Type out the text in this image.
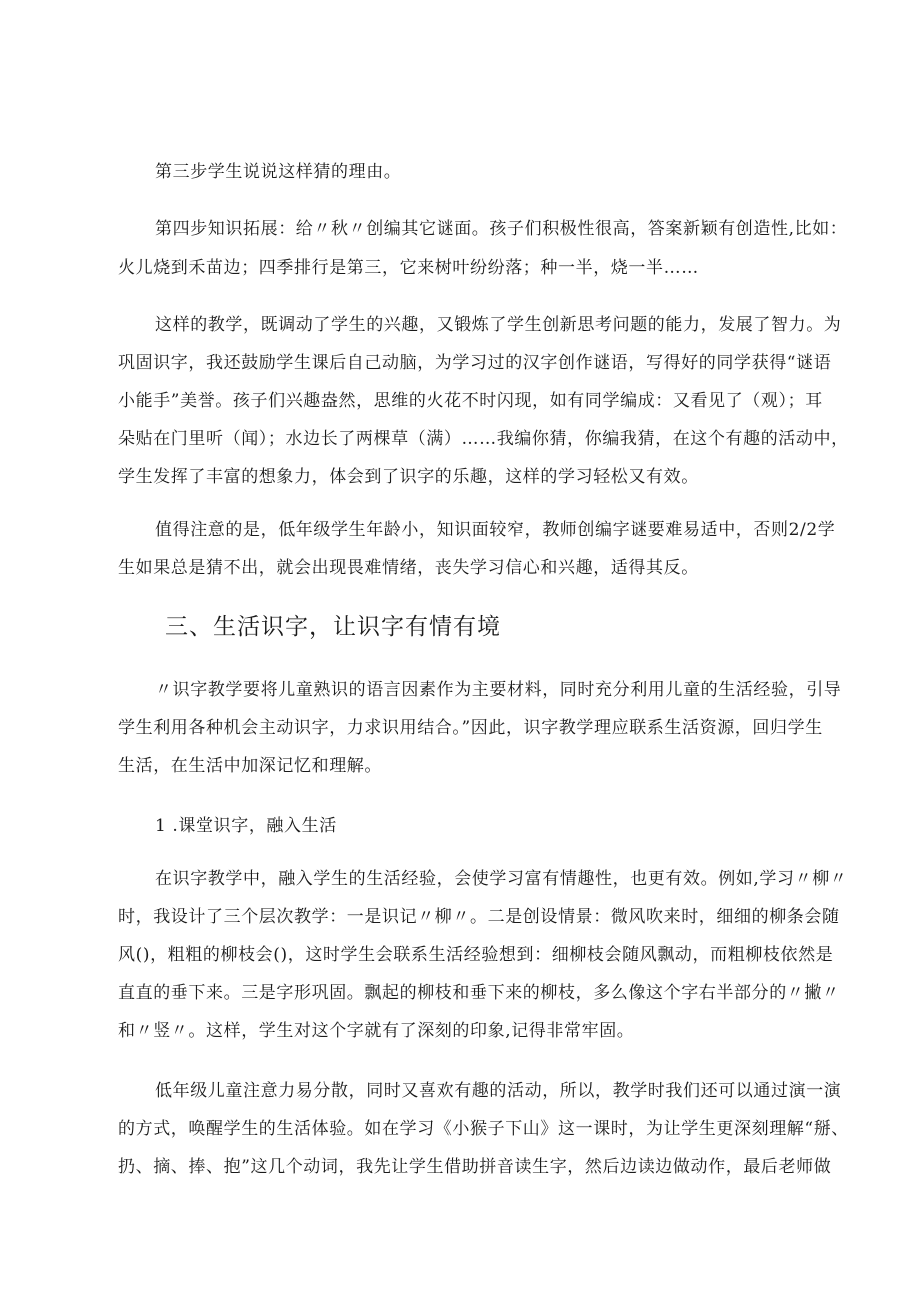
第三步学生说说这样猜的理由。
第四步知识拓展：给〃秋〃创编其它谜面。孩子们积极性很高，答案新颖有创造性,比如：
火儿烧到禾苗边；四季排行是第三，它来树叶纷纷落；种一半，烧一半……
这样的教学，既调动了学生的兴趣，又锻炼了学生创新思考问题的能力，发展了智力。为
巩固识字，我还鼓励学生课后自己动脑，为学习过的汉字创作谜语，写得好的同学获得“谜语
小能手”美誉。孩子们兴趣盎然，思维的火花不时闪现，如有同学编成：又看见了（观）；耳
朵贴在门里听（闻）；水边长了两棵草（满）……我编你猜，你编我猜，在这个有趣的活动中，
学生发挥了丰富的想象力，体会到了识字的乐趣，这样的学习轻松又有效。
值得注意的是，低年级学生年龄小，知识面较窄，教师创编字谜要难易适中，否则2/2学
生如果总是猜不出，就会出现畏难情绪，丧失学习信心和兴趣，适得其反。
三、生活识字，让识字有情有境
〃识字教学要将儿童熟识的语言因素作为主要材料，同时充分利用儿童的生活经验，引导
学生利用各种机会主动识字，力求识用结合。”因此，识字教学理应联系生活资源，回归学生
生活，在生活中加深记忆和理解。
1 .课堂识字，融入生活
在识字教学中，融入学生的生活经验，会使学习富有情趣性，也更有效。例如,学习〃柳〃
时，我设计了三个层次教学：一是识记〃柳〃。二是创设情景：微风吹来时，细细的柳条会随
风()，粗粗的柳枝会()，这时学生会联系生活经验想到：细柳枝会随风飘动，而粗柳枝依然是
直直的垂下来。三是字形巩固。飘起的柳枝和垂下来的柳枝，多么像这个字右半部分的〃撇〃
和〃竖〃。这样，学生对这个字就有了深刻的印象,记得非常牢固。
低年级儿童注意力易分散，同时又喜欢有趣的活动，所以，教学时我们还可以通过演一演
的方式，唤醒学生的生活体验。如在学习《小猴子下山》这一课时，为让学生更深刻理解“掰、
扔、摘、捧、抱”这几个动词，我先让学生借助拼音读生字，然后边读边做动作，最后老师做
